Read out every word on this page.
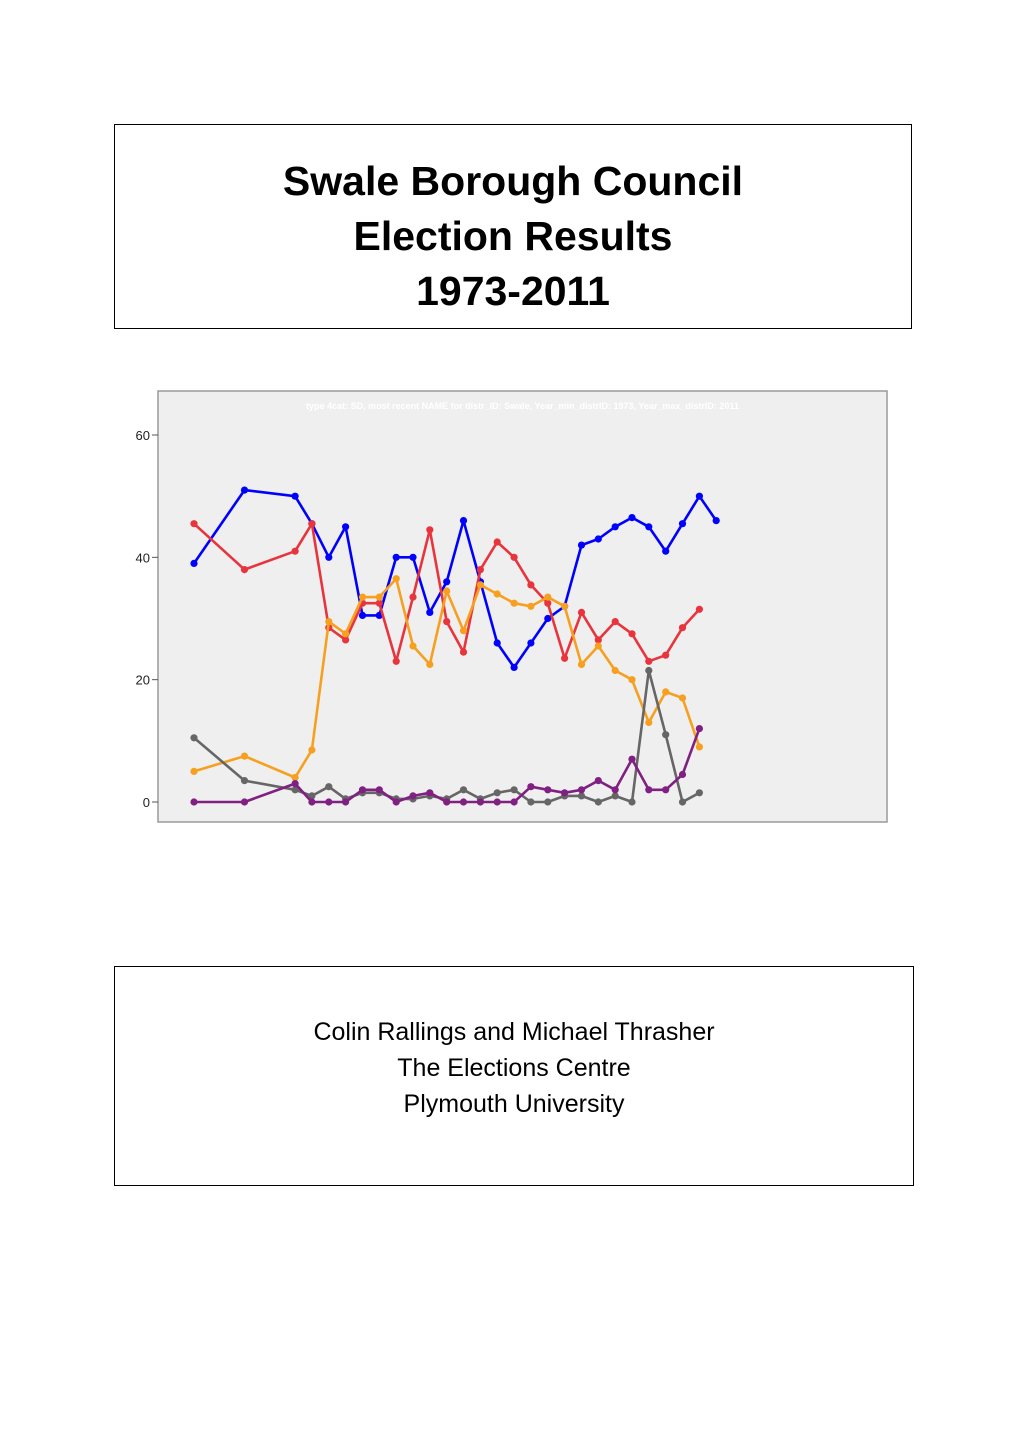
Swale Borough Council
Election Results
1973-2011
type 4cat: SD, most recent NAME for distr_ID: Swale, Year_min_distrID: 1973, Year_max_distrID: 2011
0
20
40
60
Colin Rallings and Michael Thrasher
The Elections Centre
Plymouth University
